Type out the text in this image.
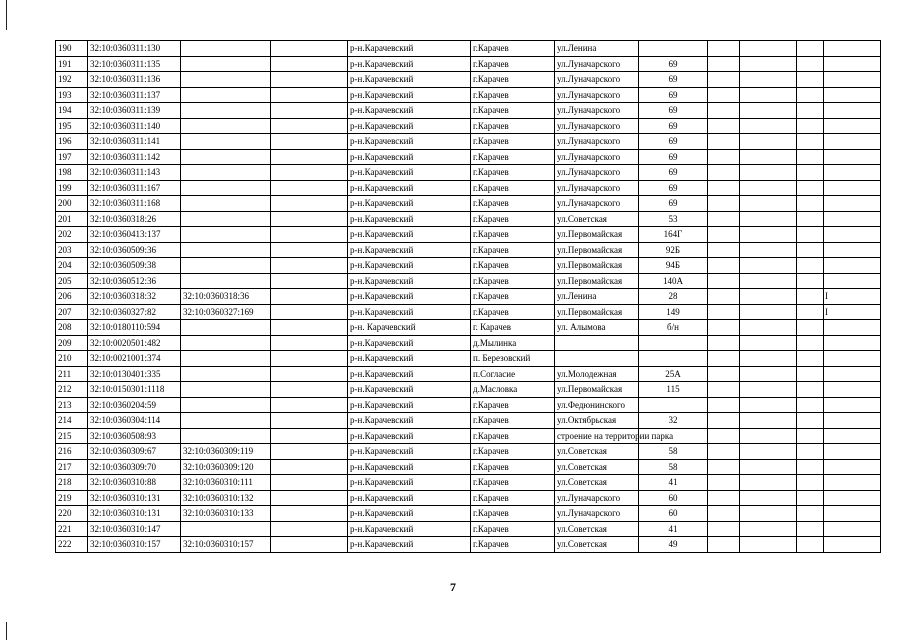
190	32:10:0360311:130			р-н.Карачевский	г.Карачев	ул.Ленина					
191	32:10:0360311:135			р-н.Карачевский	г.Карачев	ул.Луначарского	69				
192	32:10:0360311:136			р-н.Карачевский	г.Карачев	ул.Луначарского	69				
193	32:10:0360311:137			р-н.Карачевский	г.Карачев	ул.Луначарского	69				
194	32:10:0360311:139			р-н.Карачевский	г.Карачев	ул.Луначарского	69				
195	32:10:0360311:140			р-н.Карачевский	г.Карачев	ул.Луначарского	69				
196	32:10:0360311:141			р-н.Карачевский	г.Карачев	ул.Луначарского	69				
197	32:10:0360311:142			р-н.Карачевский	г.Карачев	ул.Луначарского	69				
198	32:10:0360311:143			р-н.Карачевский	г.Карачев	ул.Луначарского	69				
199	32:10:0360311:167			р-н.Карачевский	г.Карачев	ул.Луначарского	69				
200	32:10:0360311:168			р-н.Карачевский	г.Карачев	ул.Луначарского	69				
201	32:10:0360318:26			р-н.Карачевский	г.Карачев	ул.Советская	53				
202	32:10:0360413:137			р-н.Карачевский	г.Карачев	ул.Первомайская	164Г				
203	32:10:0360509:36			р-н.Карачевский	г.Карачев	ул.Первомайская	92Б				
204	32:10:0360509:38			р-н.Карачевский	г.Карачев	ул.Первомайская	94Б				
205	32:10:0360512:36			р-н.Карачевский	г.Карачев	ул.Первомайская	140А				
206	32:10:0360318:32	32:10:0360318:36		р-н.Карачевский	г.Карачев	ул.Ленина	28				I
207	32:10:0360327:82	32:10:0360327:169		р-н.Карачевский	г.Карачев	ул.Первомайская	149				I
208	32:10:0180110:594			р-н. Карачевский	г. Карачев	ул. Алымова	б/н				
209	32:10:0020501:482			р-н.Карачевский	д.Мылинка						
210	32:10:0021001:374			р-н.Карачевский	п. Березовский						
211	32:10:0130401:335			р-н.Карачевский	п.Согласие	ул.Молодежная	25А				
212	32:10:0150301:1118			р-н.Карачевский	д.Масловка	ул.Первомайская	115				
213	32:10:0360204:59			р-н.Карачевский	г.Карачев	ул.Федюнинского					
214	32:10:0360304:114			р-н.Карачевский	г.Карачев	ул.Октябрьская	32				
215	32:10:0360508:93			р-н.Карачевский	г.Карачев	строение на территории парка					
216	32:10:0360309:67	32:10:0360309:119		р-н.Карачевский	г.Карачев	ул.Советская	58				
217	32:10:0360309:70	32:10:0360309:120		р-н.Карачевский	г.Карачев	ул.Советская	58				
218	32:10:0360310:88	32:10:0360310:111		р-н.Карачевский	г.Карачев	ул.Советская	41				
219	32:10:0360310:131	32:10:0360310:132		р-н.Карачевский	г.Карачев	ул.Луначарского	60				
220	32:10:0360310:131	32:10:0360310:133		р-н.Карачевский	г.Карачев	ул.Луначарского	60				
221	32:10:0360310:147			р-н.Карачевский	г.Карачев	ул.Советская	41				
222	32:10:0360310:157	32:10:0360310:157		р-н.Карачевский	г.Карачев	ул.Советская	49				
7
